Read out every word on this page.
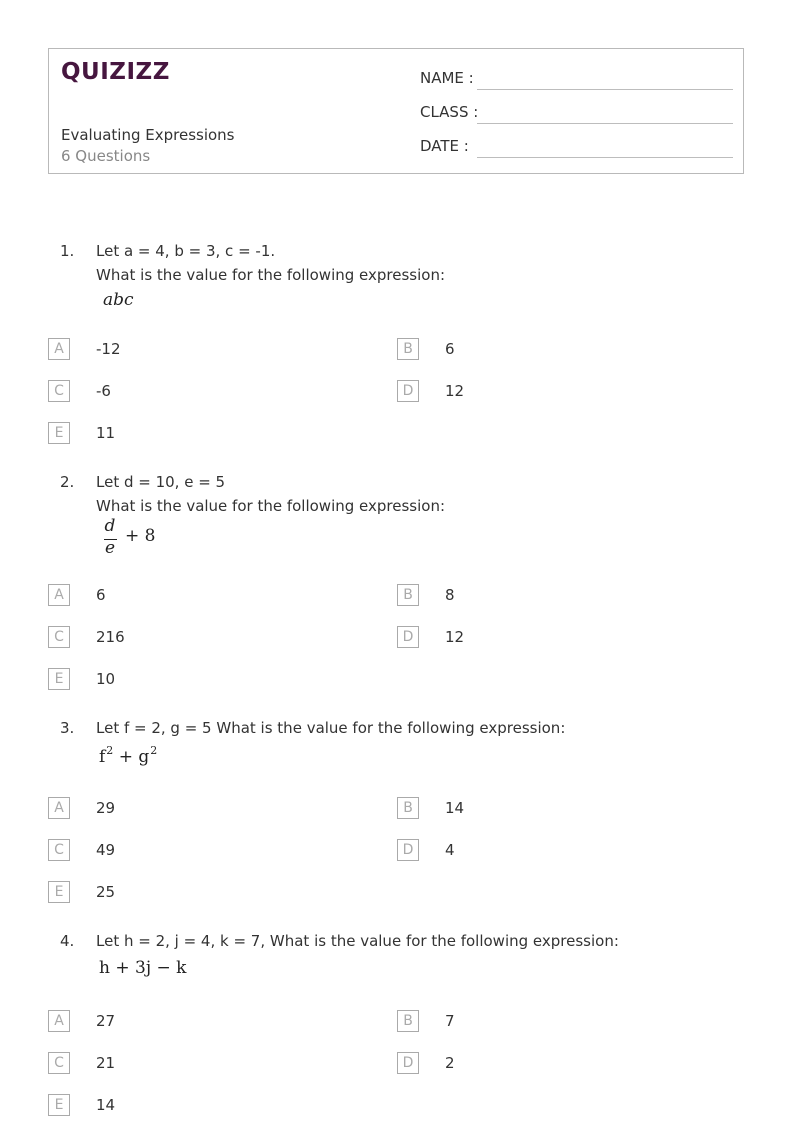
QUIZIZZ
Evaluating Expressions
6 Questions
NAME :
CLASS :
DATE :
1. Let a = 4, b = 3, c = -1.
What is the value for the following expression:
abc
A	-12	B	6
C	-6	D	12
E	11
2. Let d = 10, e = 5
What is the value for the following expression:
d
e
+ 8
A	6	B	8
C	216	D	12
E	10
3. Let f = 2, g = 5 What is the value for the following expression:
$f^2 + g^2$
A	29	B	14
C	49	D	4
E	25
4. Let h = 2, j = 4, k = 7, What is the value for the following expression:
h + 3j − k
A	27	B	7
C	21	D	2
E	14
